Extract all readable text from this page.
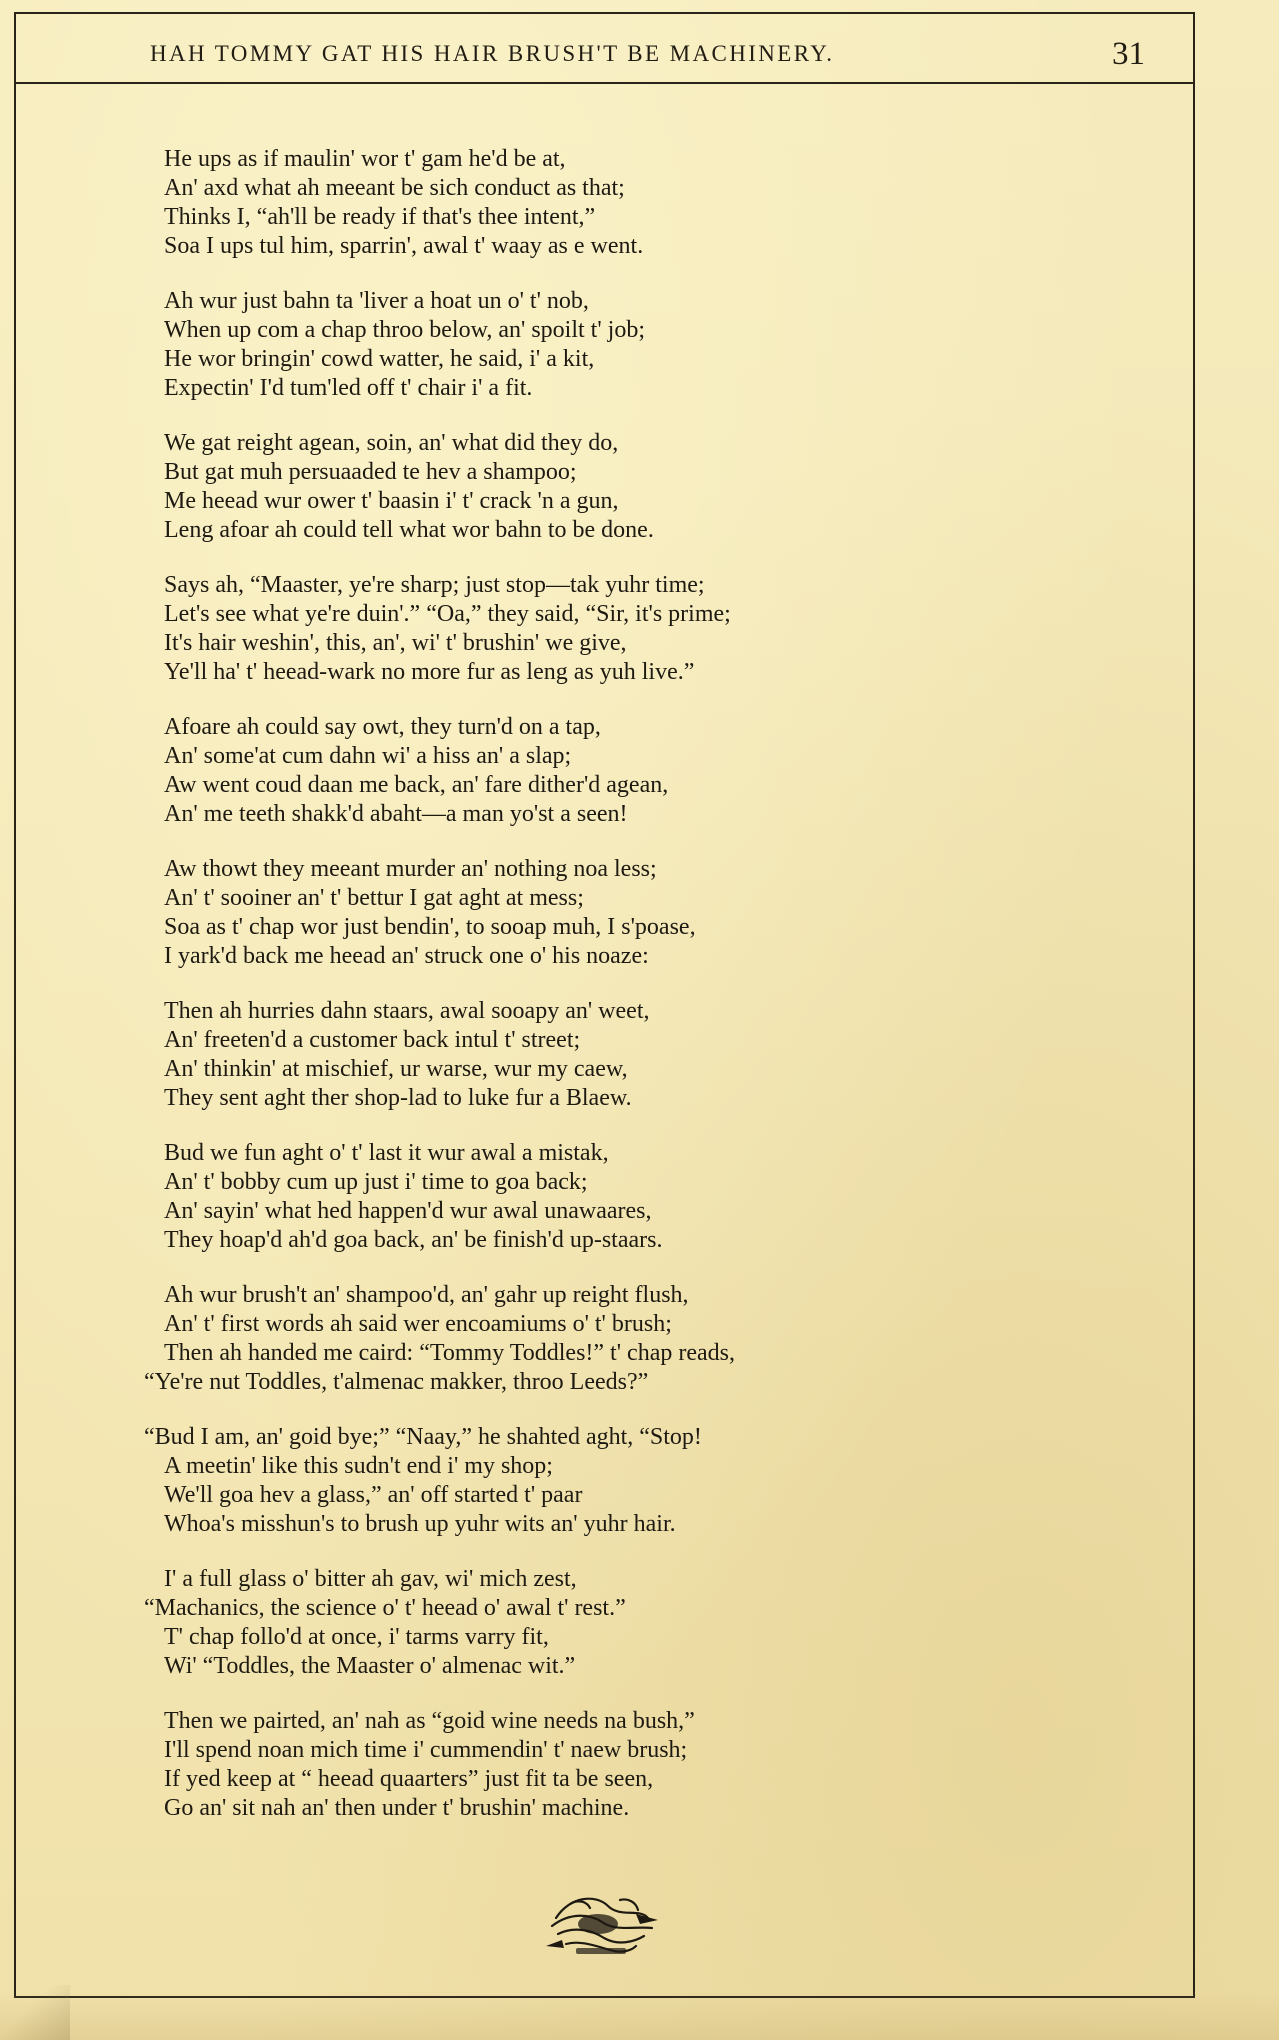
HAH TOMMY GAT HIS HAIR BRUSH'T BE MACHINERY.	31
He ups as if maulin' wor t' gam he'd be at,
An' axd what ah meeant be sich conduct as that;
Thinks I, “ah'll be ready if that's thee intent,”
Soa I ups tul him, sparrin', awal t' waay as e went.
Ah wur just bahn ta 'liver a hoat un o' t' nob,
When up com a chap throo below, an' spoilt t' job;
He wor bringin' cowd watter, he said, i' a kit,
Expectin' I'd tum'led off t' chair i' a fit.
We gat reight agean, soin, an' what did they do,
But gat muh persuaaded te hev a shampoo;
Me heead wur ower t' baasin i' t' crack 'n a gun,
Leng afoar ah could tell what wor bahn to be done.
Says ah, “Maaster, ye're sharp; just stop—tak yuhr time;
Let's see what ye're duin'.” “Oa,” they said, “Sir, it's prime;
It's hair weshin', this, an', wi' t' brushin' we give,
Ye'll ha' t' heead-wark no more fur as leng as yuh live.”
Afoare ah could say owt, they turn'd on a tap,
An' some'at cum dahn wi' a hiss an' a slap;
Aw went coud daan me back, an' fare dither'd agean,
An' me teeth shakk'd abaht—a man yo'st a seen!
Aw thowt they meeant murder an' nothing noa less;
An' t' sooiner an' t' bettur I gat aght at mess;
Soa as t' chap wor just bendin', to sooap muh, I s'poase,
I yark'd back me heead an' struck one o' his noaze:
Then ah hurries dahn staars, awal sooapy an' weet,
An' freeten'd a customer back intul t' street;
An' thinkin' at mischief, ur warse, wur my caew,
They sent aght ther shop-lad to luke fur a Blaew.
Bud we fun aght o' t' last it wur awal a mistak,
An' t' bobby cum up just i' time to goa back;
An' sayin' what hed happen'd wur awal unawaares,
They hoap'd ah'd goa back, an' be finish'd up-staars.
Ah wur brush't an' shampoo'd, an' gahr up reight flush,
An' t' first words ah said wer encoamiums o' t' brush;
Then ah handed me caird: “Tommy Toddles!” t' chap reads,
“Ye're nut Toddles, t'almenac makker, throo Leeds?”
“Bud I am, an' goid bye;” “Naay,” he shahted aght, “Stop!
A meetin' like this sudn't end i' my shop;
We'll goa hev a glass,” an' off started t' paar
Whoa's misshun's to brush up yuhr wits an' yuhr hair.
I' a full glass o' bitter ah gav, wi' mich zest,
“Machanics, the science o' t' heead o' awal t' rest.”
T' chap follo'd at once, i' tarms varry fit,
Wi' “Toddles, the Maaster o' almenac wit.”
Then we pairted, an' nah as “goid wine needs na bush,”
I'll spend noan mich time i' cummendin' t' naew brush;
If yed keep at “ heead quaarters” just fit ta be seen,
Go an' sit nah an' then under t' brushin' machine.
